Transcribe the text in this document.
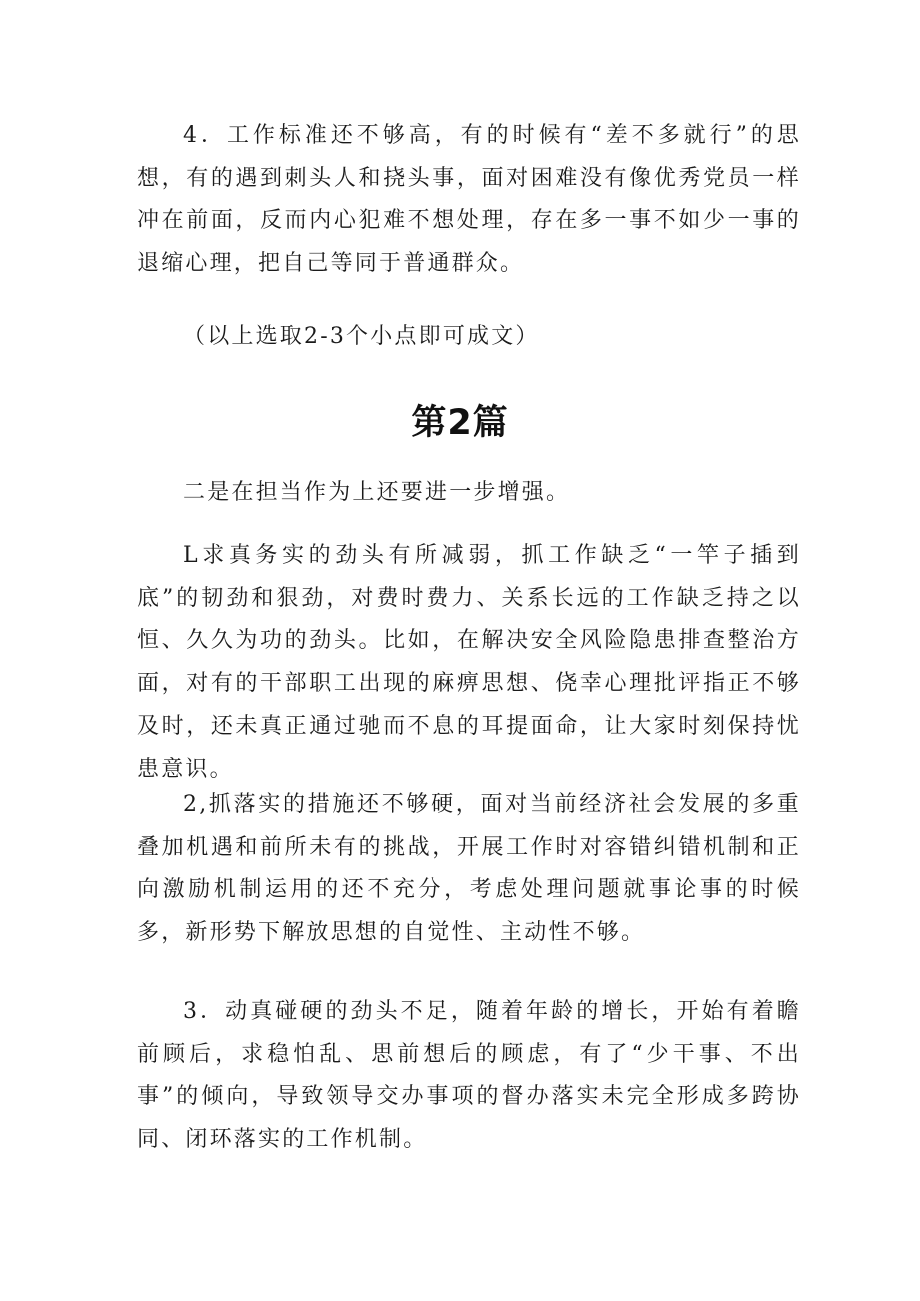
4．工作标准还不够高，有的时候有“差不多就行”的思想，有的遇到刺头人和挠头事，面对困难没有像优秀党员一样冲在前面，反而内心犯难不想处理，存在多一事不如少一事的退缩心理，把自己等同于普通群众。

（以上选取2-3个小点即可成文）

第2篇

二是在担当作为上还要进一步增强。

L求真务实的劲头有所减弱，抓工作缺乏“一竿子插到底”的韧劲和狠劲，对费时费力、关系长远的工作缺乏持之以恒、久久为功的劲头。比如，在解决安全风险隐患排查整治方面，对有的干部职工出现的麻痹思想、侥幸心理批评指正不够及时，还未真正通过驰而不息的耳提面命，让大家时刻保持忧患意识。

2,抓落实的措施还不够硬，面对当前经济社会发展的多重叠加机遇和前所未有的挑战，开展工作时对容错纠错机制和正向激励机制运用的还不充分，考虑处理问题就事论事的时候多，新形势下解放思想的自觉性、主动性不够。

3．动真碰硬的劲头不足，随着年龄的增长，开始有着瞻前顾后，求稳怕乱、思前想后的顾虑，有了“少干事、不出事”的倾向，导致领导交办事项的督办落实未完全形成多跨协同、闭环落实的工作机制。
